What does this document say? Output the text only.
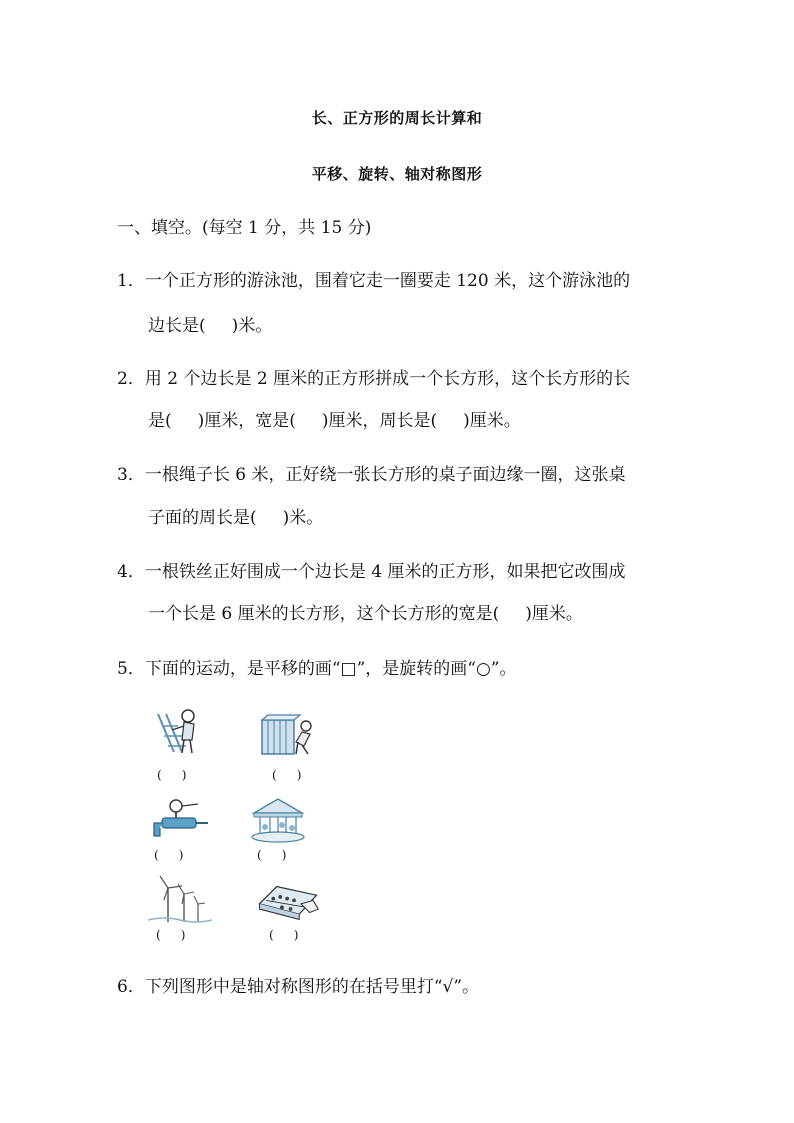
长、正方形的周长计算和
平移、旋转、轴对称图形
一、填空。(每空 1 分，共 15 分)
1．一个正方形的游泳池，围着它走一圈要走 120 米，这个游泳池的
边长是( )米。
2．用 2 个边长是 2 厘米的正方形拼成一个长方形，这个长方形的长
是( )厘米，宽是( )厘米，周长是( )厘米。
3．一根绳子长 6 米，正好绕一张长方形的桌子面边缘一圈，这张桌
子面的周长是( )米。
4．一根铁丝正好围成一个边长是 4 厘米的正方形，如果把它改围成
一个长是 6 厘米的长方形，这个长方形的宽是( )厘米。
5．下面的运动，是平移的画“□”，是旋转的画“○”。
( )	( )
( )	( )
( )	( )
6．下列图形中是轴对称图形的在括号里打“√”。
